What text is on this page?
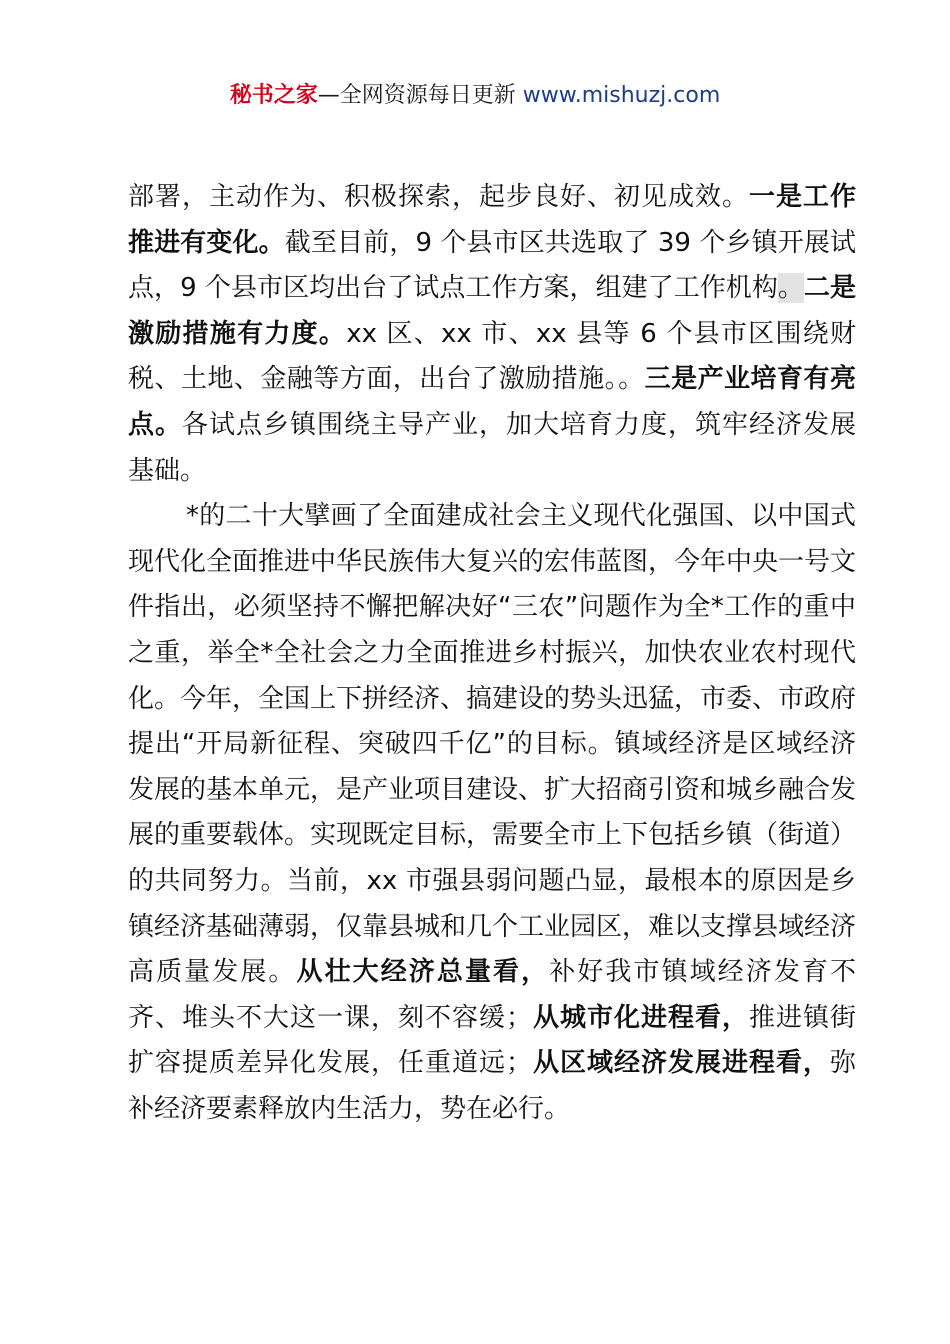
秘书之家—全网资源每日更新 www.mishuzj.com

部署，主动作为、积极探索，起步良好、初见成效。一是工作推进有变化。截至目前，9 个县市区共选取了 39 个乡镇开展试点，9 个县市区均出台了试点工作方案，组建了工作机构。二是激励措施有力度。xx 区、xx 市、xx 县等 6 个县市区围绕财税、土地、金融等方面，出台了激励措施。。三是产业培育有亮点。各试点乡镇围绕主导产业，加大培育力度，筑牢经济发展基础。

*的二十大擘画了全面建成社会主义现代化强国、以中国式现代化全面推进中华民族伟大复兴的宏伟蓝图，今年中央一号文件指出，必须坚持不懈把解决好“三农”问题作为全*工作的重中之重，举全*全社会之力全面推进乡村振兴，加快农业农村现代化。今年，全国上下拼经济、搞建设的势头迅猛，市委、市政府提出“开局新征程、突破四千亿”的目标。镇域经济是区域经济发展的基本单元，是产业项目建设、扩大招商引资和城乡融合发展的重要载体。实现既定目标，需要全市上下包括乡镇（街道）的共同努力。当前，xx 市强县弱问题凸显，最根本的原因是乡镇经济基础薄弱，仅靠县城和几个工业园区，难以支撑县域经济高质量发展。从壮大经济总量看，补好我市镇域经济发育不齐、堆头不大这一课，刻不容缓；从城市化进程看，推进镇街扩容提质差异化发展，任重道远；从区域经济发展进程看，弥补经济要素释放内生活力，势在必行。
